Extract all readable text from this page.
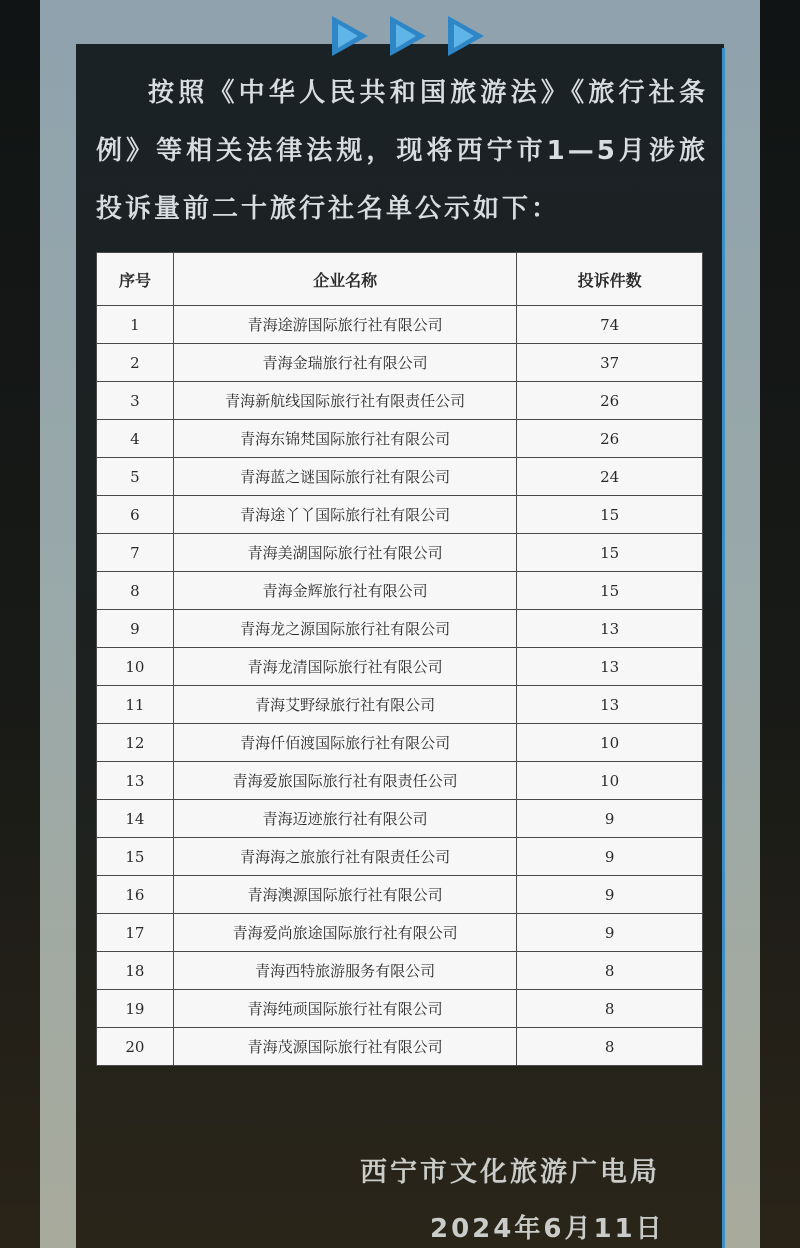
按照《中华人民共和国旅游法》《旅行社条例》等相关法律法规，现将西宁市1—5月涉旅投诉量前二十旅行社名单公示如下：
序号	企业名称	投诉件数
1	青海途游国际旅行社有限公司	74
2	青海金瑞旅行社有限公司	37
3	青海新航线国际旅行社有限责任公司	26
4	青海东锦梵国际旅行社有限公司	26
5	青海蓝之谜国际旅行社有限公司	24
6	青海途丫丫国际旅行社有限公司	15
7	青海美湖国际旅行社有限公司	15
8	青海金辉旅行社有限公司	15
9	青海龙之源国际旅行社有限公司	13
10	青海龙清国际旅行社有限公司	13
11	青海艾野绿旅行社有限公司	13
12	青海仟佰渡国际旅行社有限公司	10
13	青海爱旅国际旅行社有限责任公司	10
14	青海迈迹旅行社有限公司	9
15	青海海之旅旅行社有限责任公司	9
16	青海澳源国际旅行社有限公司	9
17	青海爱尚旅途国际旅行社有限公司	9
18	青海西特旅游服务有限公司	8
19	青海纯顽国际旅行社有限公司	8
20	青海茂源国际旅行社有限公司	8
西宁市文化旅游广电局
2024年6月11日
